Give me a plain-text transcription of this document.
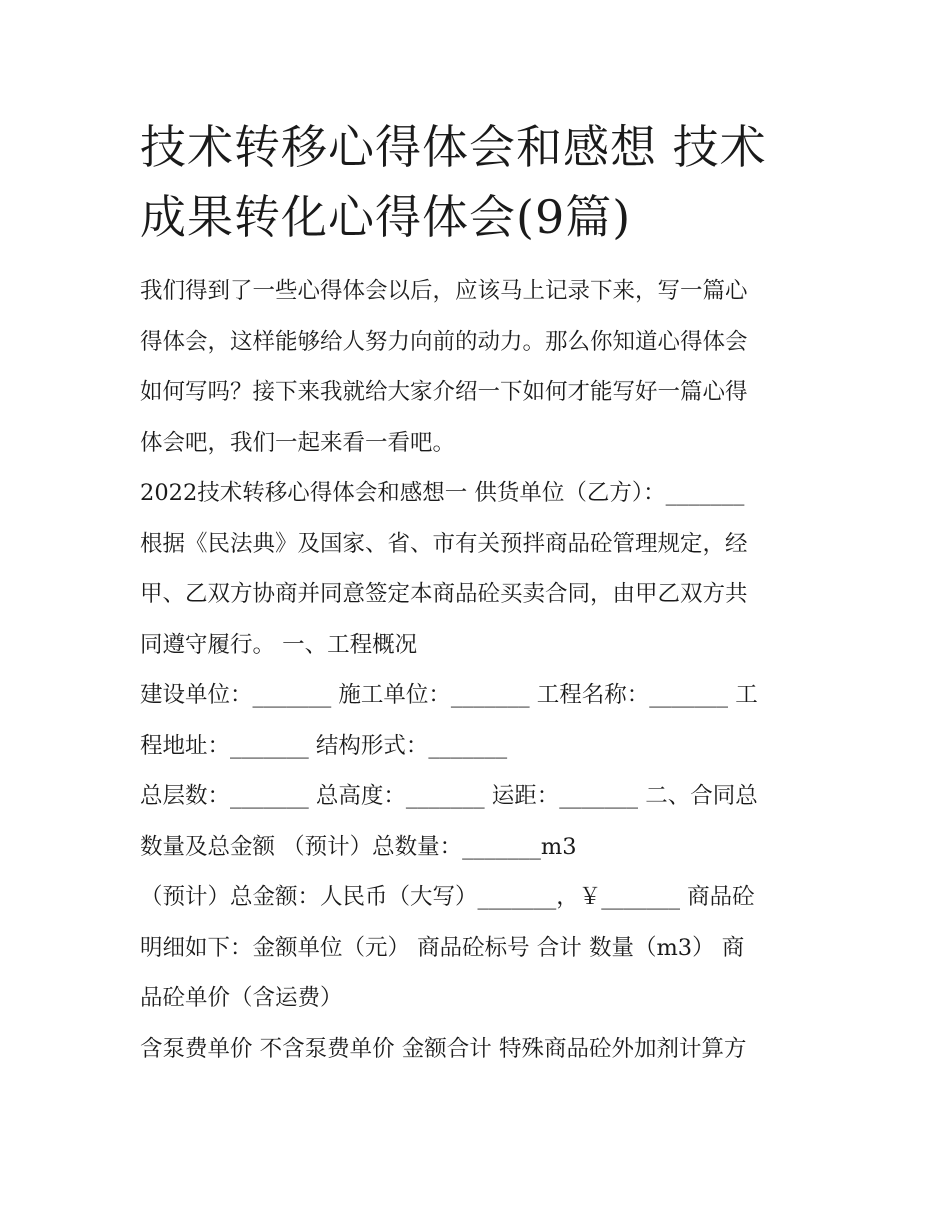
技术转移心得体会和感想 技术
成果转化心得体会(9篇)
我们得到了一些心得体会以后，应该马上记录下来，写一篇心
得体会，这样能够给人努力向前的动力。那么你知道心得体会
如何写吗？接下来我就给大家介绍一下如何才能写好一篇心得
体会吧，我们一起来看一看吧。
2022技术转移心得体会和感想一 供货单位（乙方）：_______
根据《民法典》及国家、省、市有关预拌商品砼管理规定，经
甲、乙双方协商并同意签定本商品砼买卖合同，由甲乙双方共
同遵守履行。 一、工程概况
建设单位：_______ 施工单位：_______ 工程名称：_______ 工
程地址：_______ 结构形式：_______
总层数：_______ 总高度：_______ 运距：_______ 二、合同总
数量及总金额 （预计）总数量：_______m3
（预计）总金额：人民币（大写）_______，￥_______ 商品砼
明细如下：金额单位（元） 商品砼标号 合计 数量（m3） 商
品砼单价（含运费）
含泵费单价 不含泵费单价 金额合计 特殊商品砼外加剂计算方
